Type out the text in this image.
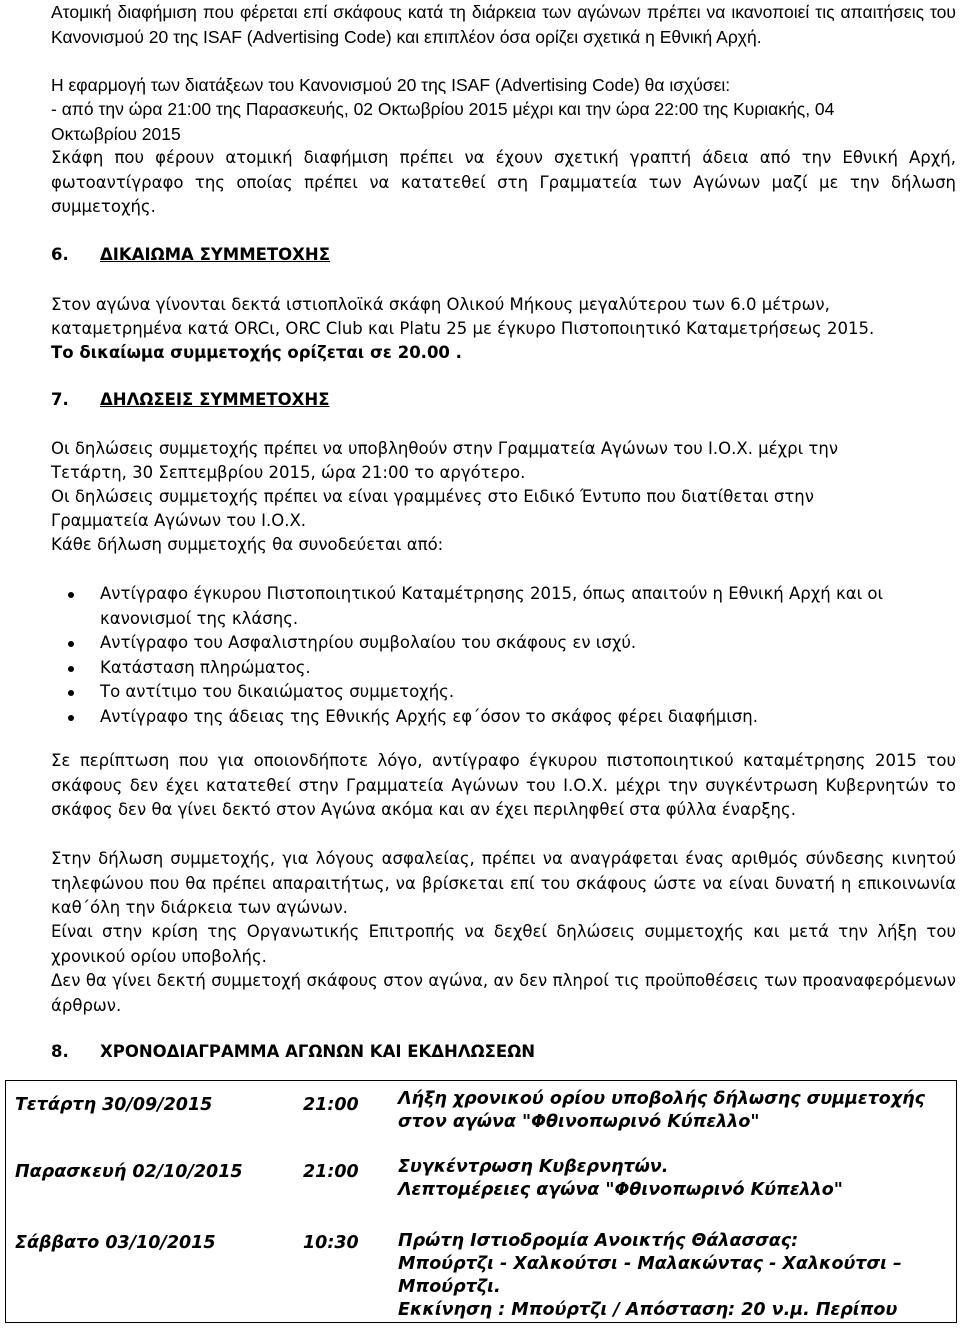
Ατομική διαφήμιση που φέρεται επί σκάφους κατά τη διάρκεια των αγώνων πρέπει να ικανοποιεί τις απαιτήσεις του Κανονισμού 20 της ISAF (Advertising Code) και επιπλέον όσα ορίζει σχετικά η Εθνική Αρχή.

Η εφαρμογή των διατάξεων του Κανονισμού 20 της ISAF (Advertising Code) θα ισχύσει:

- από την ώρα 21:00 της Παρασκευής, 02 Οκτωβρίου 2015 μέχρι και την ώρα 22:00 της Κυριακής, 04

Οκτωβρίου 2015

Σκάφη που φέρουν ατομική διαφήμιση πρέπει να έχουν σχετική γραπτή άδεια από την Εθνική Αρχή, φωτοαντίγραφο της οποίας πρέπει να κατατεθεί στη Γραμματεία των Αγώνων μαζί με την δήλωση συμμετοχής.

6.	ΔΙΚΑΙΩΜΑ ΣΥΜΜΕΤΟΧΗΣ

Στον αγώνα γίνονται δεκτά ιστιοπλοϊκά σκάφη Ολικού Μήκους μεγαλύτερου των 6.0 μέτρων,

καταμετρημένα κατά ORCι, ORC Club και Platu 25 με έγκυρο Πιστοποιητικό Καταμετρήσεως 2015.

Το δικαίωμα συμμετοχής ορίζεται σε 20.00 .

7.	ΔΗΛΩΣΕΙΣ ΣΥΜΜΕΤΟΧΗΣ

Οι δηλώσεις συμμετοχής πρέπει να υποβληθούν στην Γραμματεία Αγώνων του Ι.Ο.Χ. μέχρι την

Τετάρτη, 30 Σεπτεμβρίου 2015, ώρα 21:00 το αργότερο.

Οι δηλώσεις συμμετοχής πρέπει να είναι γραμμένες στο Ειδικό Έντυπο που διατίθεται στην

Γραμματεία Αγώνων του Ι.Ο.Χ.

Κάθε δήλωση συμμετοχής θα συνοδεύεται από:

Αντίγραφο έγκυρου Πιστοποιητικού Καταμέτρησης 2015, όπως απαιτούν η Εθνική Αρχή και οι κανονισμοί της κλάσης.
Αντίγραφο του Ασφαλιστηρίου συμβολαίου του σκάφους εν ισχύ.
Κατάσταση πληρώματος.
Το αντίτιμο του δικαιώματος συμμετοχής.
Αντίγραφο της άδειας της Εθνικής Αρχής εφ΄όσον το σκάφος φέρει διαφήμιση.

Σε περίπτωση που για οποιονδήποτε λόγο, αντίγραφο έγκυρου πιστοποιητικού καταμέτρησης 2015 του σκάφους δεν έχει κατατεθεί στην Γραμματεία Αγώνων του Ι.Ο.Χ. μέχρι την συγκέντρωση Κυβερνητών το σκάφος δεν θα γίνει δεκτό στον Αγώνα ακόμα και αν έχει περιληφθεί στα φύλλα έναρξης.

Στην δήλωση συμμετοχής, για λόγους ασφαλείας, πρέπει να αναγράφεται ένας αριθμός σύνδεσης κινητού τηλεφώνου που θα πρέπει απαραιτήτως, να βρίσκεται επί του σκάφους ώστε να είναι δυνατή η επικοινωνία καθ΄όλη την διάρκεια των αγώνων.

Είναι στην κρίση της Οργανωτικής Επιτροπής να δεχθεί δηλώσεις συμμετοχής και μετά την λήξη του χρονικού ορίου υποβολής.

Δεν θα γίνει δεκτή συμμετοχή σκάφους στον αγώνα, αν δεν πληροί τις προϋποθέσεις των προαναφερόμενων άρθρων.

8.	ΧΡΟΝΟΔΙΑΓΡΑΜΜΑ ΑΓΩΝΩΝ ΚΑΙ ΕΚΔΗΛΩΣΕΩΝ
Τετάρτη 30/09/2015	21:00	Λήξη χρονικού ορίου υποβολής δήλωσης συμμετοχής
στον αγώνα "Φθινοπωρινό Κύπελλο"

Παρασκευή 02/10/2015	21:00	Συγκέντρωση Κυβερνητών.
Λεπτομέρειες αγώνα "Φθινοπωρινό Κύπελλο"

Σάββατο 03/10/2015	10:30	Πρώτη Ιστιοδρομία Ανοικτής Θάλασσας:
Μπούρτζι - Χαλκούτσι - Μαλακώντας - Χαλκούτσι –
Μπούρτζι.
Εκκίνηση : Μπούρτζι / Απόσταση: 20 ν.μ. Περίπου
